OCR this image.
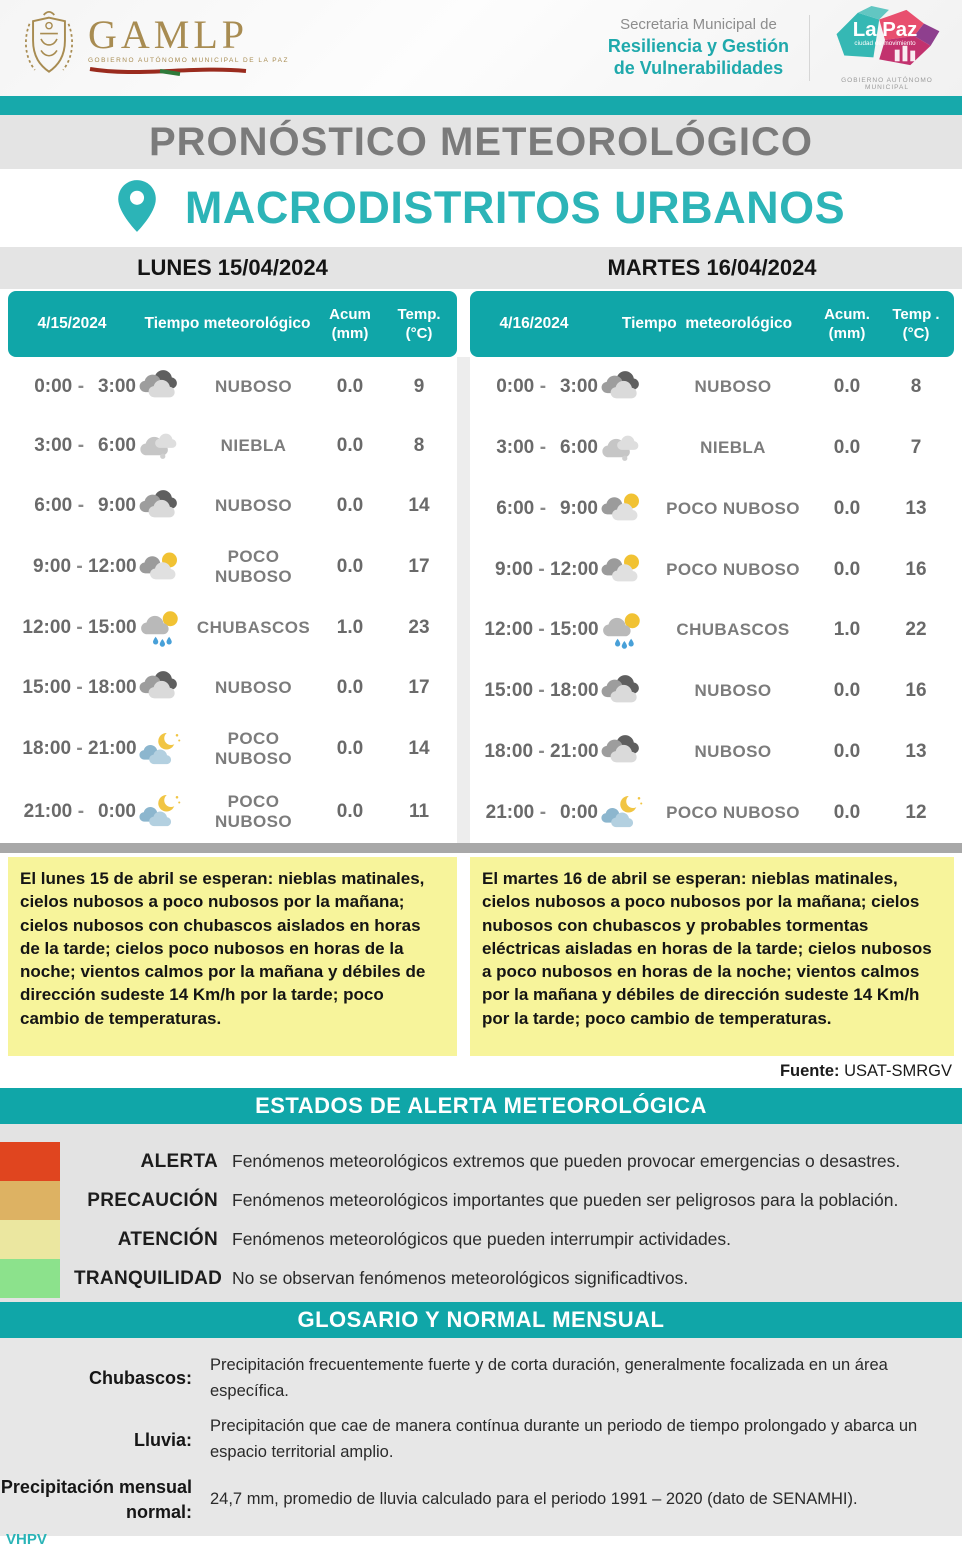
GAMLP
GOBIERNO AUTÓNOMO MUNICIPAL DE LA PAZ
Secretaria Municipal de
Resiliencia y Gestión
de Vulnerabilidades
La Paz
ciudad de movimiento
GOBIERNO AUTÓNOMO MUNICIPAL
PRONÓSTICO METEOROLÓGICO
MACRODISTRITOS URBANOS
LUNES 15/04/2024	MARTES 16/04/2024
4/15/2024	Tiempo meteorológico
Acum
(mm)
Temp.
(°C)
4/16/2024	Tiempo  meteorológico
Acum.
(mm)
Temp . (°C)

0:00 - 3:00	NUBOSO	0.0	9
3:00 - 6:00	NIEBLA	0.0	8
6:00 - 9:00	NUBOSO	0.0	14
9:00 - 12:00	POCO NUBOSO	0.0	17
12:00 - 15:00	CHUBASCOS	1.0	23
15:00 - 18:00	NUBOSO	0.0	17
18:00 - 21:00	POCO NUBOSO	0.0	14
21:00 - 0:00	POCO NUBOSO	0.0	11
0:00 - 3:00	NUBOSO	0.0	8
3:00 - 6:00	NIEBLA	0.0	7
6:00 - 9:00	POCO NUBOSO	0.0	13
9:00 - 12:00	POCO NUBOSO	0.0	16
12:00 - 15:00	CHUBASCOS	1.0	22
15:00 - 18:00	NUBOSO	0.0	16
18:00 - 21:00	NUBOSO	0.0	13
21:00 - 0:00	POCO NUBOSO	0.0	12
El lunes 15 de abril se esperan: nieblas matinales, cielos nubosos a poco nubosos por la mañana; cielos nubosos con chubascos aislados en horas de la tarde; cielos poco nubosos en horas de la noche; vientos calmos por la mañana y débiles de dirección sudeste 14 Km/h por la tarde; poco cambio de temperaturas.
El martes 16 de abril se esperan: nieblas matinales, cielos nubosos a poco nubosos por la mañana; cielos nubosos con chubascos y probables tormentas eléctricas aisladas en horas de la tarde; cielos nubosos a poco nubosos en horas de la noche; vientos calmos por la mañana y débiles de dirección sudeste 14 Km/h por la tarde; poco cambio de temperaturas.
Fuente: USAT-SMRGV
ESTADOS DE ALERTA METEOROLÓGICA
ALERTA Fenómenos meteorológicos extremos que pueden provocar emergencias o desastres.
PRECAUCIÓN Fenómenos meteorológicos importantes que pueden ser peligrosos para la población.
ATENCIÓN Fenómenos meteorológicos que pueden interrumpir actividades.
TRANQUILIDAD No se observan fenómenos meteorológicos significadtivos.
GLOSARIO Y NORMAL MENSUAL
Chubascos:
Precipitación frecuentemente fuerte y de corta duración, generalmente focalizada en un área específica.
Lluvia:
Precipitación que cae de manera contínua durante un periodo de tiempo prolongado y abarca un espacio territorial amplio.
Precipitación mensual normal:
24,7 mm, promedio de lluvia calculado para el periodo 1991 – 2020 (dato de SENAMHI).
VHPV
